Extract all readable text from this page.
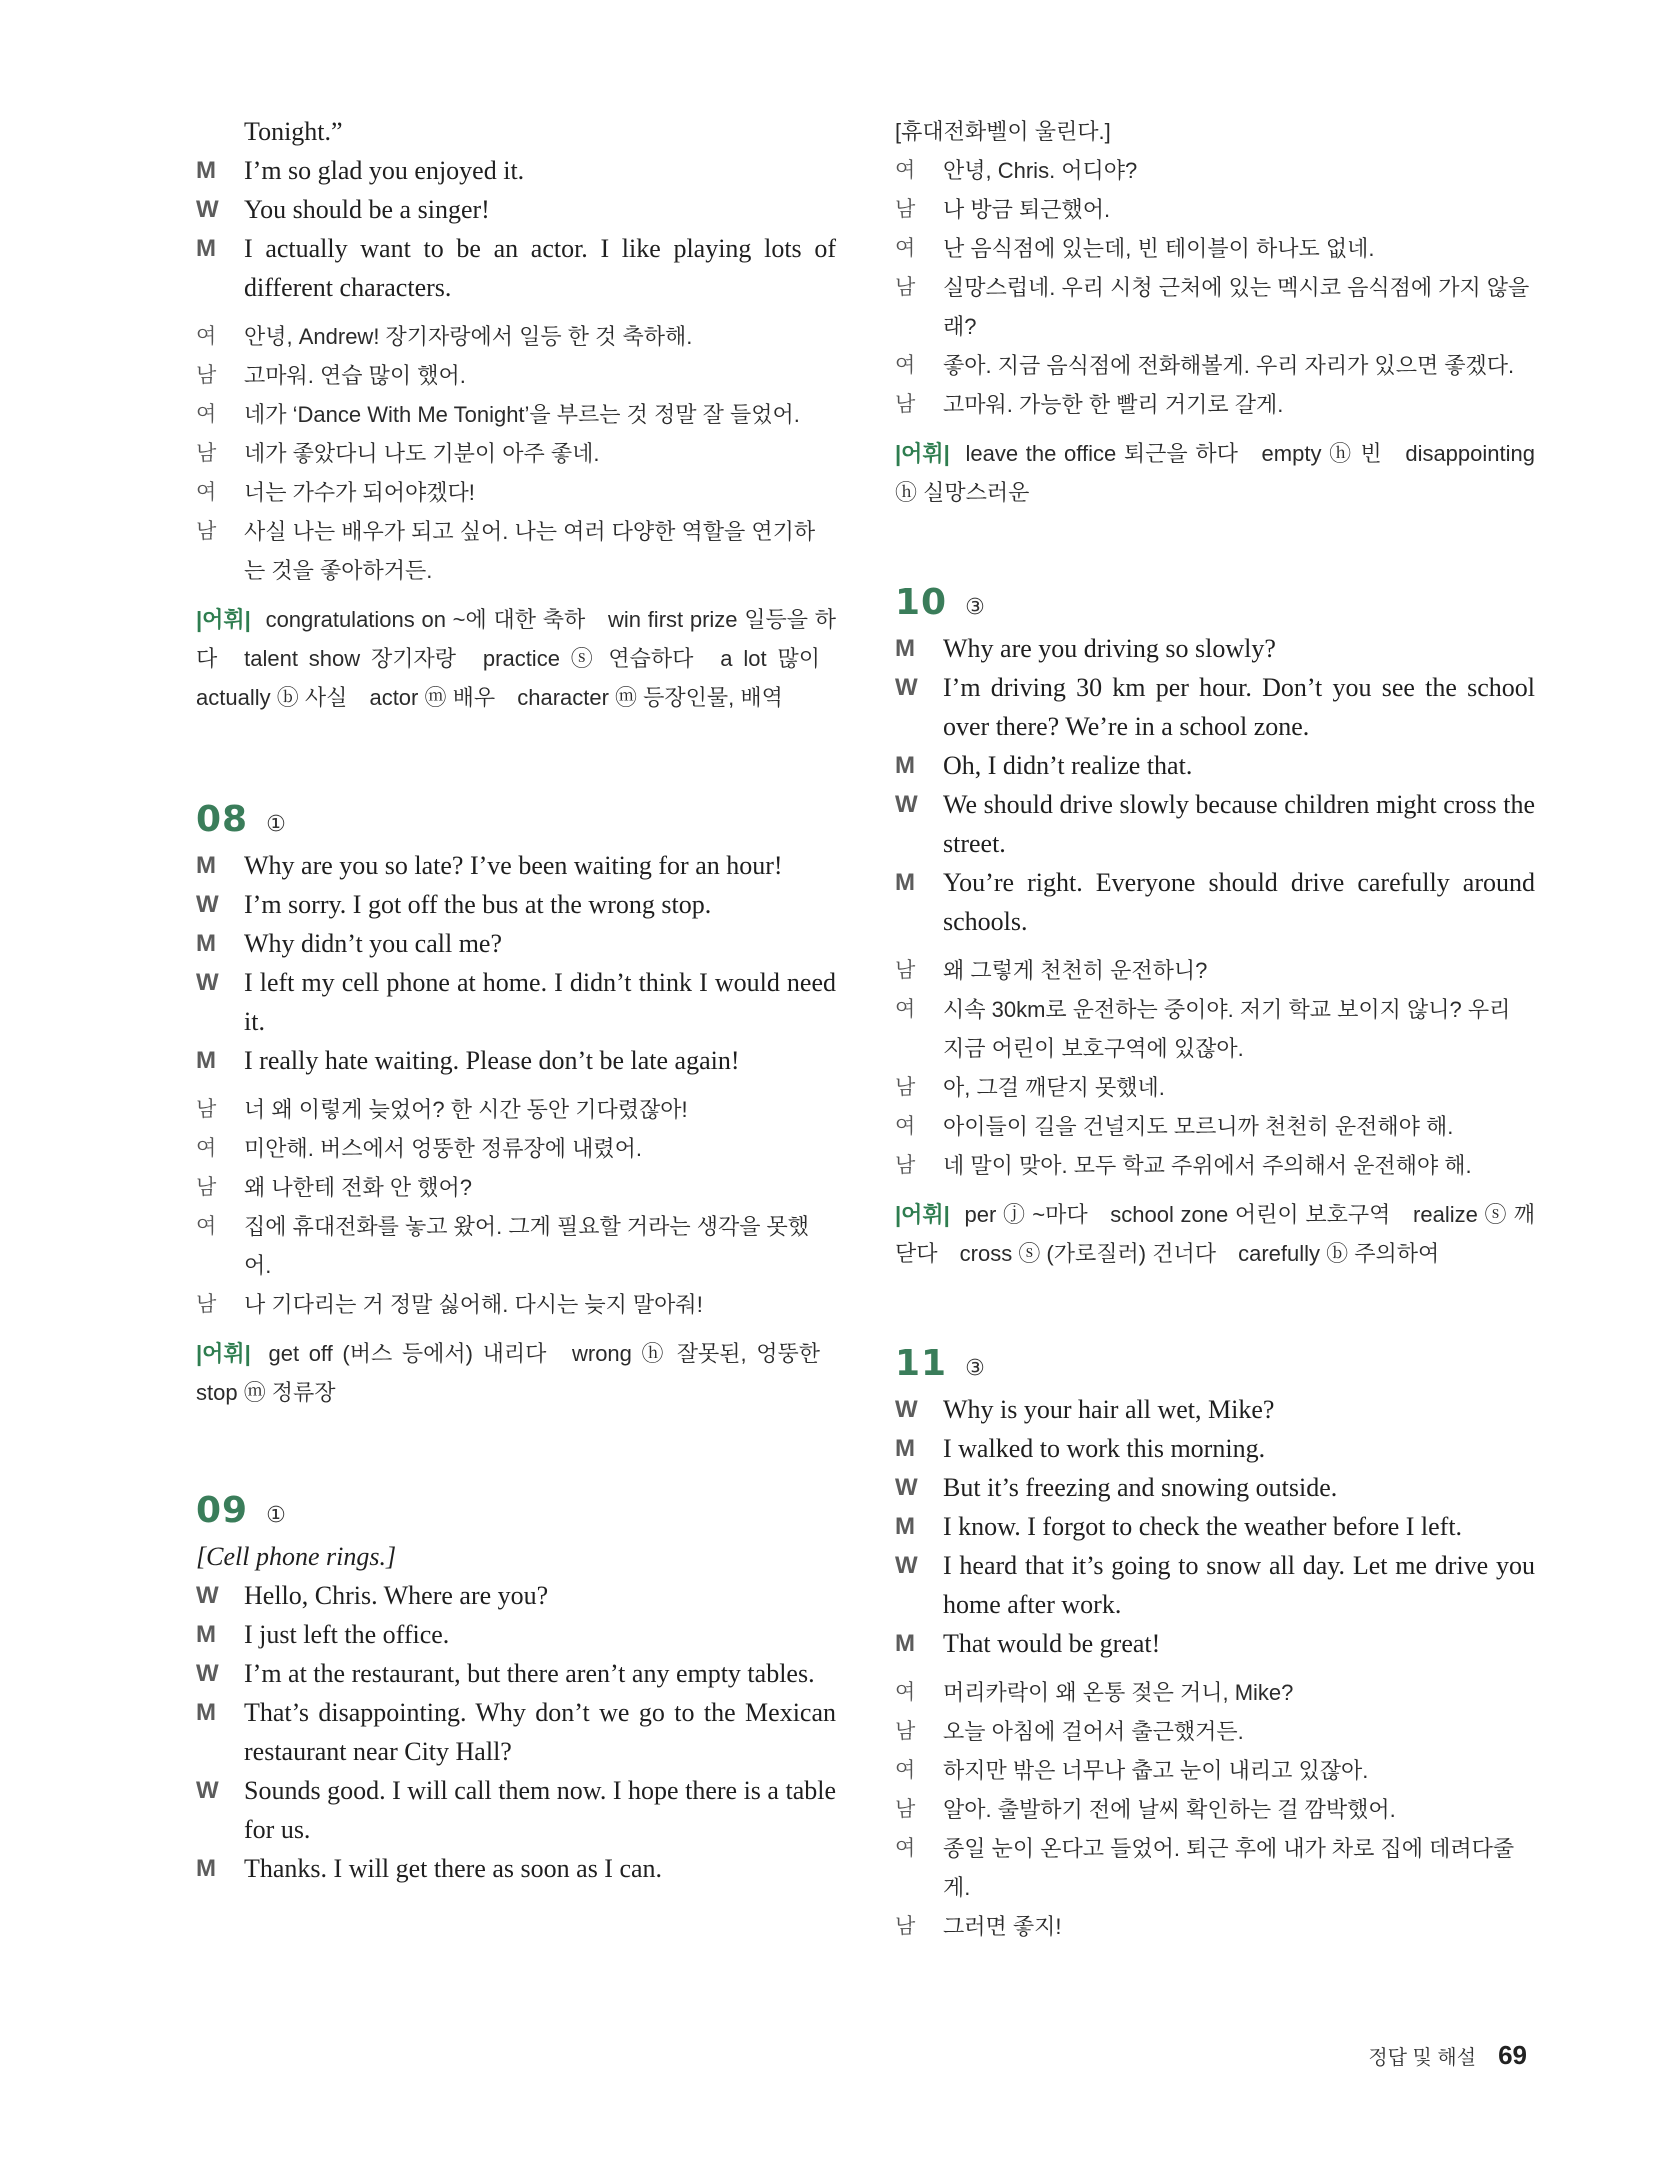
Tonight.”
M	I’m so glad you enjoyed it.
W You should be a singer!
M	I actually want to be an actor. I like playing lots of different characters.
여	안녕, Andrew! 장기자랑에서 일등 한 것 축하해.
남	고마워. 연습 많이 했어.
여	네가 ‘Dance With Me Tonight’을 부르는 것 정말 잘 들었어.
남	네가 좋았다니 나도 기분이 아주 좋네.
여	너는 가수가 되어야겠다!
남	사실 나는 배우가 되고 싶어. 나는 여러 다양한 역할을 연기하는 것을 좋아하거든.
|어휘| congratulations on ~에 대한 축하 win first prize 일등을 하다 talent show 장기자랑 practice ⓢ 연습하다 a lot 많이 actually ⓑ 사실 actor ⓜ 배우 character ⓜ 등장인물, 배역
08 ①
M	Why are you so late? I’ve been waiting for an hour!
W I’m sorry. I got off the bus at the wrong stop.
M	Why didn’t you call me?
W I left my cell phone at home. I didn’t think I would need it.
M	I really hate waiting. Please don’t be late again!
남	너 왜 이렇게 늦었어? 한 시간 동안 기다렸잖아!
여	미안해. 버스에서 엉뚱한 정류장에 내렸어.
남	왜 나한테 전화 안 했어?
여	집에 휴대전화를 놓고 왔어. 그게 필요할 거라는 생각을 못했어.
남	나 기다리는 거 정말 싫어해. 다시는 늦지 말아줘!
|어휘| get off (버스 등에서) 내리다 wrong ⓗ 잘못된, 엉뚱한 stop ⓜ 정류장
09 ①
[Cell phone rings.]
W Hello, Chris. Where are you?
M	I just left the office.
W I’m at the restaurant, but there aren’t any empty tables.
M	That’s disappointing. Why don’t we go to the Mexican restaurant near City Hall?
W Sounds good. I will call them now. I hope there is a table for us.
M	Thanks. I will get there as soon as I can.
[휴대전화벨이 울린다.]
여	안녕, Chris. 어디야?
남	나 방금 퇴근했어.
여	난 음식점에 있는데, 빈 테이블이 하나도 없네.
남	실망스럽네. 우리 시청 근처에 있는 멕시코 음식점에 가지 않을래?
여	좋아. 지금 음식점에 전화해볼게. 우리 자리가 있으면 좋겠다.
남	고마워. 가능한 한 빨리 거기로 갈게.
|어휘| leave the office 퇴근을 하다 empty ⓗ 빈 disappointing ⓗ 실망스러운
10 ③
M	Why are you driving so slowly?
W I’m driving 30 km per hour. Don’t you see the school over there? We’re in a school zone.
M	Oh, I didn’t realize that.
W We should drive slowly because children might cross the street.
M	You’re right. Everyone should drive carefully around schools.
남	왜 그렇게 천천히 운전하니?
여	시속 30km로 운전하는 중이야. 저기 학교 보이지 않니? 우리 지금 어린이 보호구역에 있잖아.
남	아, 그걸 깨닫지 못했네.
여	아이들이 길을 건널지도 모르니까 천천히 운전해야 해.
남	네 말이 맞아. 모두 학교 주위에서 주의해서 운전해야 해.
|어휘| per ⓙ ~마다 school zone 어린이 보호구역 realize ⓢ 깨닫다 cross ⓢ (가로질러) 건너다 carefully ⓑ 주의하여
11 ③
W Why is your hair all wet, Mike?
M	I walked to work this morning.
W But it’s freezing and snowing outside.
M	I know. I forgot to check the weather before I left.
W I heard that it’s going to snow all day. Let me drive you home after work.
M	That would be great!
여	머리카락이 왜 온통 젖은 거니, Mike?
남	오늘 아침에 걸어서 출근했거든.
여	하지만 밖은 너무나 춥고 눈이 내리고 있잖아.
남	알아. 출발하기 전에 날씨 확인하는 걸 깜박했어.
여	종일 눈이 온다고 들었어. 퇴근 후에 내가 차로 집에 데려다줄게.
남	그러면 좋지!
정답 및 해설 69
